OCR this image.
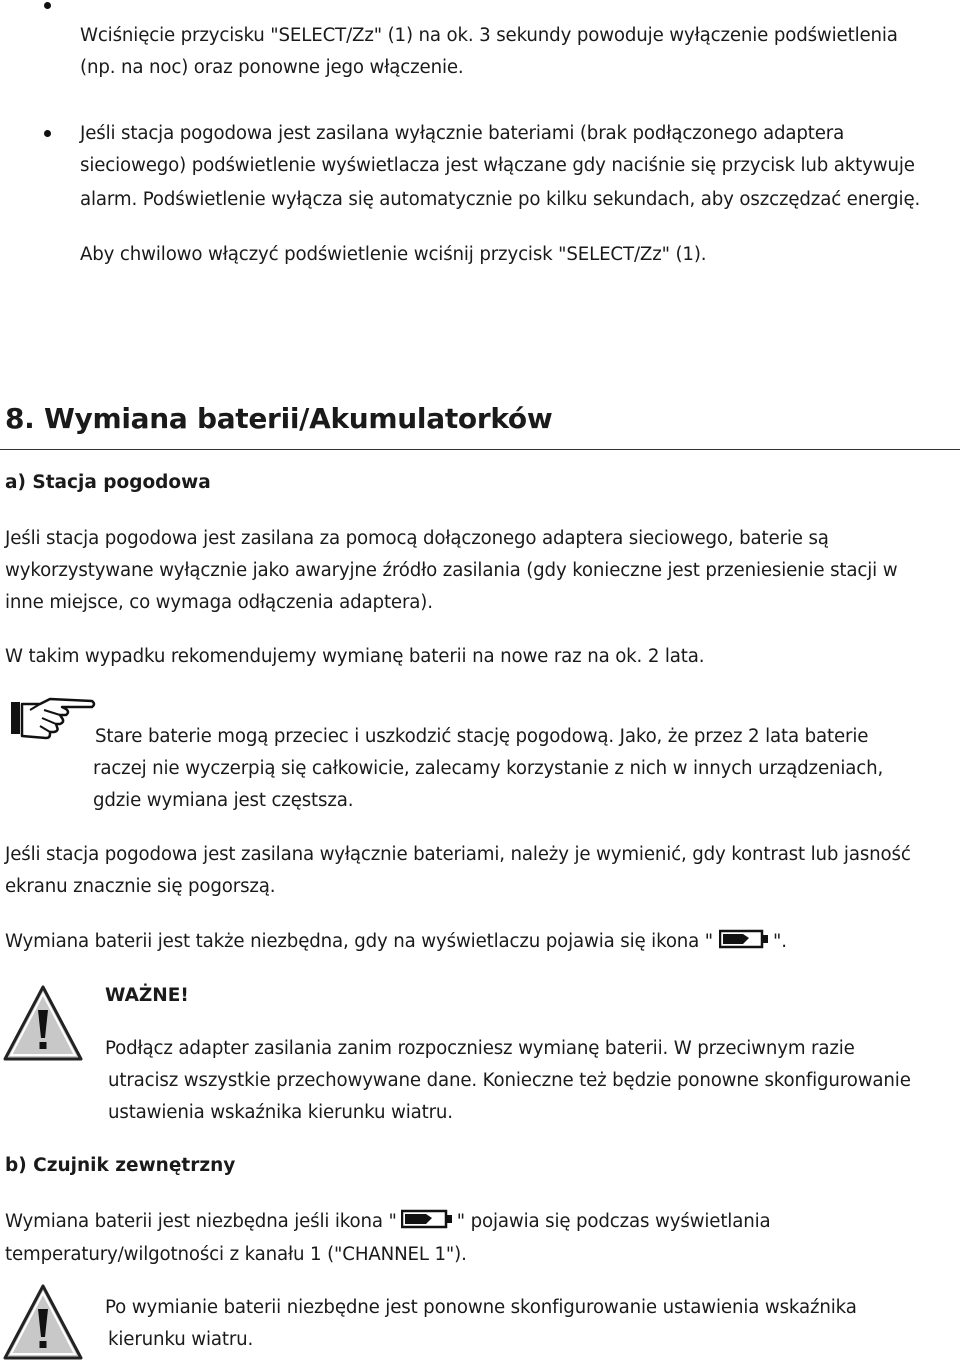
Wciśnięcie przycisku "SELECT/Zz" (1) na ok. 3 sekundy powoduje wyłączenie podświetlenia
(np. na noc) oraz ponowne jego włączenie.
Jeśli stacja pogodowa jest zasilana wyłącznie bateriami (brak podłączonego adaptera
sieciowego) podświetlenie wyświetlacza jest włączane gdy naciśnie się przycisk lub aktywuje
alarm. Podświetlenie wyłącza się automatycznie po kilku sekundach, aby oszczędzać energię.
Aby chwilowo włączyć podświetlenie wciśnij przycisk "SELECT/Zz" (1).
8. Wymiana baterii/Akumulatorków
a) Stacja pogodowa
Jeśli stacja pogodowa jest zasilana za pomocą dołączonego adaptera sieciowego, baterie są
wykorzystywane wyłącznie jako awaryjne źródło zasilania (gdy konieczne jest przeniesienie stacji w
inne miejsce, co wymaga odłączenia adaptera).
W takim wypadku rekomendujemy wymianę baterii na nowe raz na ok. 2 lata.
Stare baterie mogą przeciec i uszkodzić stację pogodową. Jako, że przez 2 lata baterie
raczej nie wyczerpią się całkowicie, zalecamy korzystanie z nich w innych urządzeniach,
gdzie wymiana jest częstsza.
Jeśli stacja pogodowa jest zasilana wyłącznie bateriami, należy je wymienić, gdy kontrast lub jasność
ekranu znacznie się pogorszą.
Wymiana baterii jest także niezbędna, gdy na wyświetlaczu pojawia się ikona "	".
WAŻNE!
Podłącz adapter zasilania zanim rozpoczniesz wymianę baterii. W przeciwnym razie
utracisz wszystkie przechowywane dane. Konieczne też będzie ponowne skonfigurowanie
ustawienia wskaźnika kierunku wiatru.
b) Czujnik zewnętrzny
Wymiana baterii jest niezbędna jeśli ikona "	" pojawia się podczas wyświetlania
temperatury/wilgotności z kanału 1 ("CHANNEL 1").
Po wymianie baterii niezbędne jest ponowne skonfigurowanie ustawienia wskaźnika
kierunku wiatru.
